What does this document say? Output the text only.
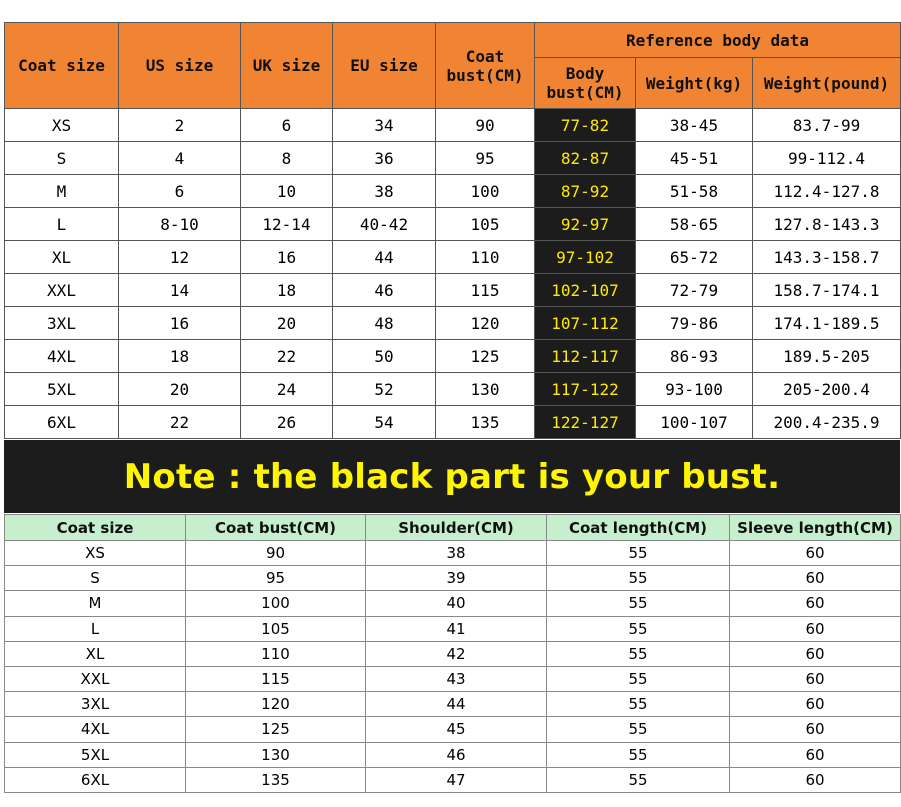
Coat size	US size	UK size	EU size	Coat bust(CM)	Reference body data		
					Body bust(CM)	Weight(kg)	Weight(pound)
XS	2	6	34	90	77-82	38-45	83.7-99
S	4	8	36	95	82-87	45-51	99-112.4
M	6	10	38	100	87-92	51-58	112.4-127.8
L	8-10	12-14	40-42	105	92-97	58-65	127.8-143.3
XL	12	16	44	110	97-102	65-72	143.3-158.7
XXL	14	18	46	115	102-107	72-79	158.7-174.1
3XL	16	20	48	120	107-112	79-86	174.1-189.5
4XL	18	22	50	125	112-117	86-93	189.5-205
5XL	20	24	52	130	117-122	93-100	205-200.4
6XL	22	26	54	135	122-127	100-107	200.4-235.9
Note : the black part is your bust.
Coat size	Coat bust(CM)	Shoulder(CM)	Coat length(CM)	Sleeve length(CM)
XS	90	38	55	60
S	95	39	55	60
M	100	40	55	60
L	105	41	55	60
XL	110	42	55	60
XXL	115	43	55	60
3XL	120	44	55	60
4XL	125	45	55	60
5XL	130	46	55	60
6XL	135	47	55	60
